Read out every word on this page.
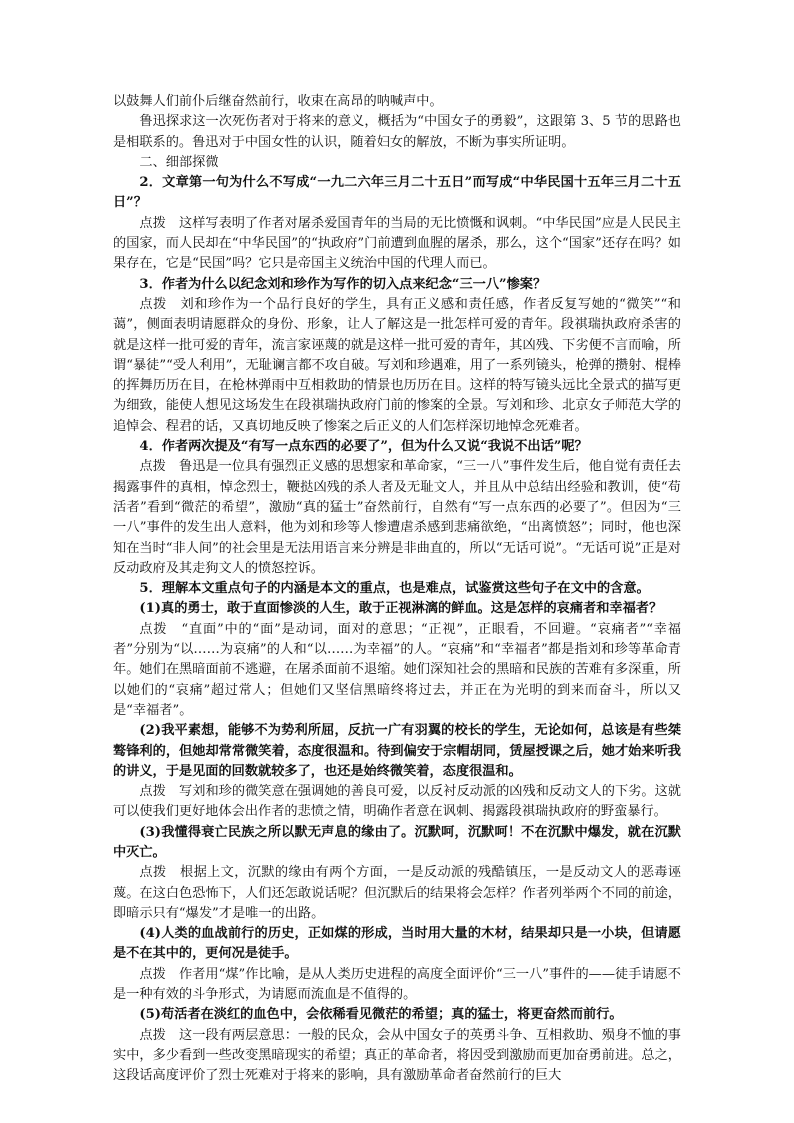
以鼓舞人们前仆后继奋然前行，收束在高昂的呐喊声中。

鲁迅探求这一次死伤者对于将来的意义，概括为“中国女子的勇毅”，这跟第 3、5 节的思路也是相联系的。鲁迅对于中国女性的认识，随着妇女的解放，不断为事实所证明。

二、细部探微

2．文章第一句为什么不写成“一九二六年三月二十五日”而写成“中华民国十五年三月二十五日”？

点拨　这样写表明了作者对屠杀爱国青年的当局的无比愤慨和讽刺。“中华民国”应是人民民主的国家，而人民却在“中华民国”的“执政府”门前遭到血腥的屠杀，那么，这个“国家”还存在吗？如果存在，它是“民国”吗？它只是帝国主义统治中国的代理人而已。

3．作者为什么以纪念刘和珍作为写作的切入点来纪念“三一八”惨案？

点拨　刘和珍作为一个品行良好的学生，具有正义感和责任感，作者反复写她的“微笑”“和蔼”，侧面表明请愿群众的身份、形象，让人了解这是一批怎样可爱的青年。段祺瑞执政府杀害的就是这样一批可爱的青年，流言家诬蔑的就是这样一批可爱的青年，其凶残、下劣便不言而喻，所谓“暴徒”“受人利用”，无耻谰言都不攻自破。写刘和珍遇难，用了一系列镜头，枪弹的攒射、棍棒的挥舞历历在目，在枪林弹雨中互相救助的情景也历历在目。这样的特写镜头远比全景式的描写更为细致，能使人想见这场发生在段祺瑞执政府门前的惨案的全景。写刘和珍、北京女子师范大学的追悼会、程君的话，又真切地反映了惨案之后正义的人们怎样深切地悼念死难者。

4．作者两次提及“有写一点东西的必要了”，但为什么又说“我说不出话”呢？

点拨　鲁迅是一位具有强烈正义感的思想家和革命家，“三一八”事件发生后，他自觉有责任去揭露事件的真相，悼念烈士，鞭挞凶残的杀人者及无耻文人，并且从中总结出经验和教训，使“苟活者”看到“微茫的希望”，激励“真的猛士”奋然前行，自然有“写一点东西的必要了”。但因为“三一八”事件的发生出人意料，他为刘和珍等人惨遭虐杀感到悲痛欲绝，“出离愤怒”；同时，他也深知在当时“非人间”的社会里是无法用语言来分辨是非曲直的，所以“无话可说”。“无话可说”正是对反动政府及其走狗文人的愤怒控诉。

5．理解本文重点句子的内涵是本文的重点，也是难点，试鉴赏这些句子在文中的含意。

(1)真的勇士，敢于直面惨淡的人生，敢于正视淋漓的鲜血。这是怎样的哀痛者和幸福者？

点拨　“直面”中的“面”是动词，面对的意思；“正视”，正眼看，不回避。“哀痛者”“幸福者”分别为“以……为哀痛”的人和“以……为幸福”的人。“哀痛”和“幸福者”都是指刘和珍等革命青年。她们在黑暗面前不逃避，在屠杀面前不退缩。她们深知社会的黑暗和民族的苦难有多深重，所以她们的“哀痛”超过常人；但她们又坚信黑暗终将过去，并正在为光明的到来而奋斗，所以又是“幸福者”。

(2)我平素想，能够不为势利所屈，反抗一广有羽翼的校长的学生，无论如何，总该是有些桀骜锋利的，但她却常常微笑着，态度很温和。待到偏安于宗帽胡同，赁屋授课之后，她才始来听我的讲义，于是见面的回数就较多了，也还是始终微笑着，态度很温和。

点拨　写刘和珍的微笑意在强调她的善良可爱，以反衬反动派的凶残和反动文人的下劣。这就可以使我们更好地体会出作者的悲愤之情，明确作者意在讽刺、揭露段祺瑞执政府的野蛮暴行。

(3)我懂得衰亡民族之所以默无声息的缘由了。沉默呵，沉默呵！不在沉默中爆发，就在沉默中灭亡。

点拨　根据上文，沉默的缘由有两个方面，一是反动派的残酷镇压，一是反动文人的恶毒诬蔑。在这白色恐怖下，人们还怎敢说话呢？但沉默后的结果将会怎样？作者列举两个不同的前途，即暗示只有“爆发”才是唯一的出路。

(4)人类的血战前行的历史，正如煤的形成，当时用大量的木材，结果却只是一小块，但请愿是不在其中的，更何况是徒手。

点拨　作者用“煤”作比喻，是从人类历史进程的高度全面评价“三一八”事件的——徒手请愿不是一种有效的斗争形式，为请愿而流血是不值得的。

(5)苟活者在淡红的血色中，会依稀看见微茫的希望；真的猛士，将更奋然而前行。

点拨　这一段有两层意思：一般的民众，会从中国女子的英勇斗争、互相救助、殒身不恤的事实中，多少看到一些改变黑暗现实的希望；真正的革命者，将因受到激励而更加奋勇前进。总之，这段话高度评价了烈士死难对于将来的影响，具有激励革命者奋然前行的巨大
